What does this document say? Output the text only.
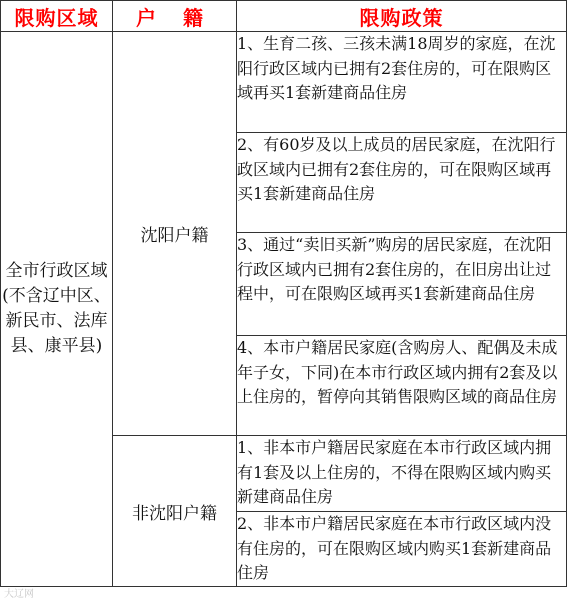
限购区域	户 籍	限购政策
全市行政区域(不含辽中区、新民市、法库县、康平县)	沈阳户籍	1、生育二孩、三孩未满18周岁的家庭，在沈阳行政区域内已拥有2套住房的，可在限购区域再买1套新建商品住房
		2、有60岁及以上成员的居民家庭，在沈阳行政区域内已拥有2套住房的，可在限购区域再买1套新建商品住房
		3、通过“卖旧买新”购房的居民家庭，在沈阳行政区域内已拥有2套住房的，在旧房出让过程中，可在限购区域再买1套新建商品住房
		4、本市户籍居民家庭(含购房人、配偶及未成年子女，下同)在本市行政区域内拥有2套及以上住房的，暂停向其销售限购区域的商品住房
	非沈阳户籍	1、非本市户籍居民家庭在本市行政区域内拥有1套及以上住房的，不得在限购区域内购买新建商品住房
		2、非本市户籍居民家庭在本市行政区域内没有住房的，可在限购区域内购买1套新建商品住房
大辽网
